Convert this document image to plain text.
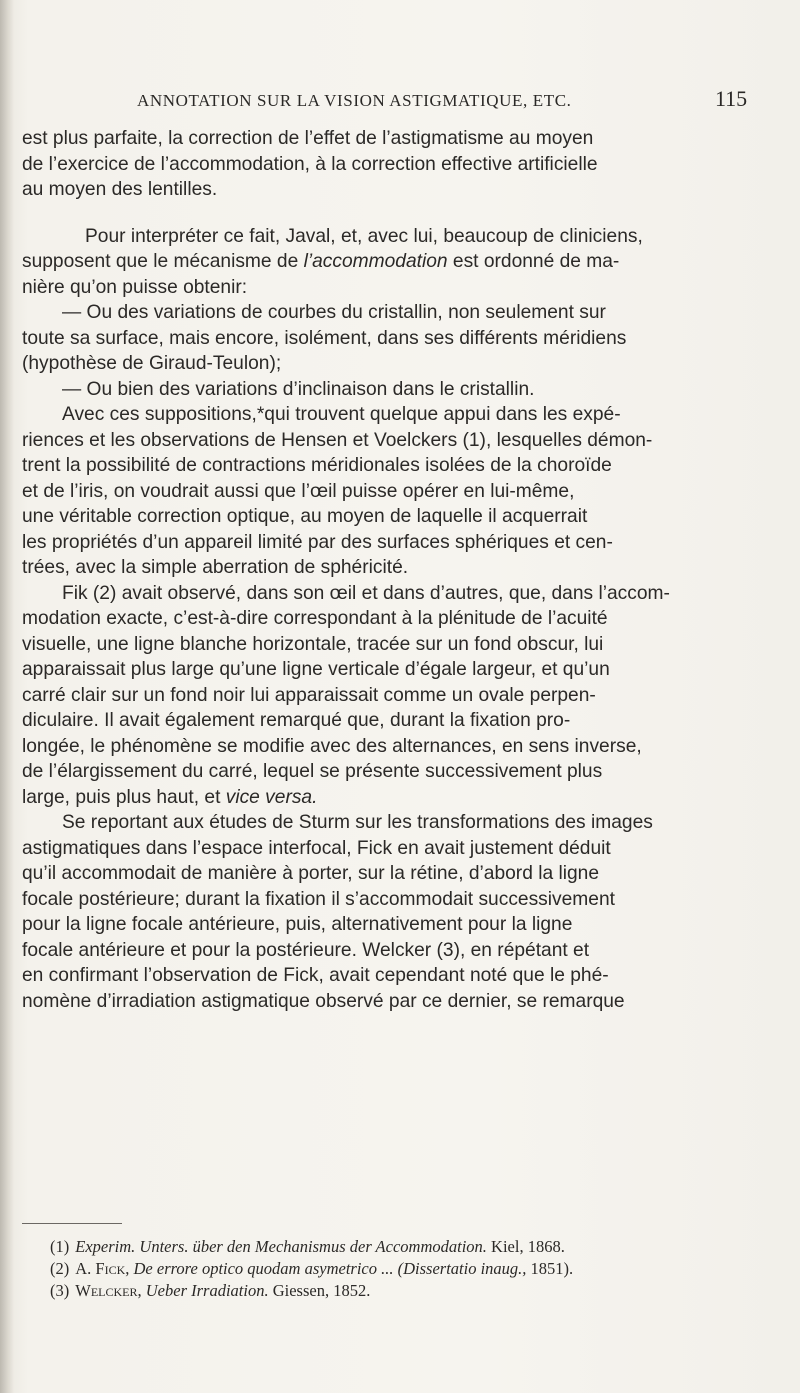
ANNOTATION SUR LA VISION ASTIGMATIQUE, ETC.	115
est plus parfaite, la correction de l’effet de l’astigmatisme au moyen
de l’exercice de l’accommodation, à la correction effective artificielle
au moyen des lentilles.
Pour interpréter ce fait, Javal, et, avec lui, beaucoup de cliniciens,
supposent que le mécanisme de l’accommodation est ordonné de ma-
nière qu’on puisse obtenir:
— Ou des variations de courbes du cristallin, non seulement sur
toute sa surface, mais encore, isolément, dans ses différents méridiens
(hypothèse de Giraud-Teulon);
— Ou bien des variations d’inclinaison dans le cristallin.
Avec ces suppositions,*qui trouvent quelque appui dans les expé-
riences et les observations de Hensen et Voelckers (1), lesquelles démon-
trent la possibilité de contractions méridionales isolées de la choroïde
et de l’iris, on voudrait aussi que l’œil puisse opérer en lui-même,
une véritable correction optique, au moyen de laquelle il acquerrait
les propriétés d’un appareil limité par des surfaces sphériques et cen-
trées, avec la simple aberration de sphéricité.
Fik (2) avait observé, dans son œil et dans d’autres, que, dans l’accom-
modation exacte, c’est-à-dire correspondant à la plénitude de l’acuité
visuelle, une ligne blanche horizontale, tracée sur un fond obscur, lui
apparaissait plus large qu’une ligne verticale d’égale largeur, et qu’un
carré clair sur un fond noir lui apparaissait comme un ovale perpen-
diculaire. Il avait également remarqué que, durant la fixation pro-
longée, le phénomène se modifie avec des alternances, en sens inverse,
de l’élargissement du carré, lequel se présente successivement plus
large, puis plus haut, et vice versa.
Se reportant aux études de Sturm sur les transformations des images
astigmatiques dans l’espace interfocal, Fick en avait justement déduit
qu’il accommodait de manière à porter, sur la rétine, d’abord la ligne
focale postérieure; durant la fixation il s’accommodait successivement
pour la ligne focale antérieure, puis, alternativement pour la ligne
focale antérieure et pour la postérieure. Welcker (3), en répétant et
en confirmant l’observation de Fick, avait cependant noté que le phé-
nomène d’irradiation astigmatique observé par ce dernier, se remarque
(1) Experim. Unters. über den Mechanismus der Accommodation. Kiel, 1868.
(2) A. Fick, De errore optico quodam asymetrico ... (Dissertatio inaug., 1851).
(3) Welcker, Ueber Irradiation. Giessen, 1852.
